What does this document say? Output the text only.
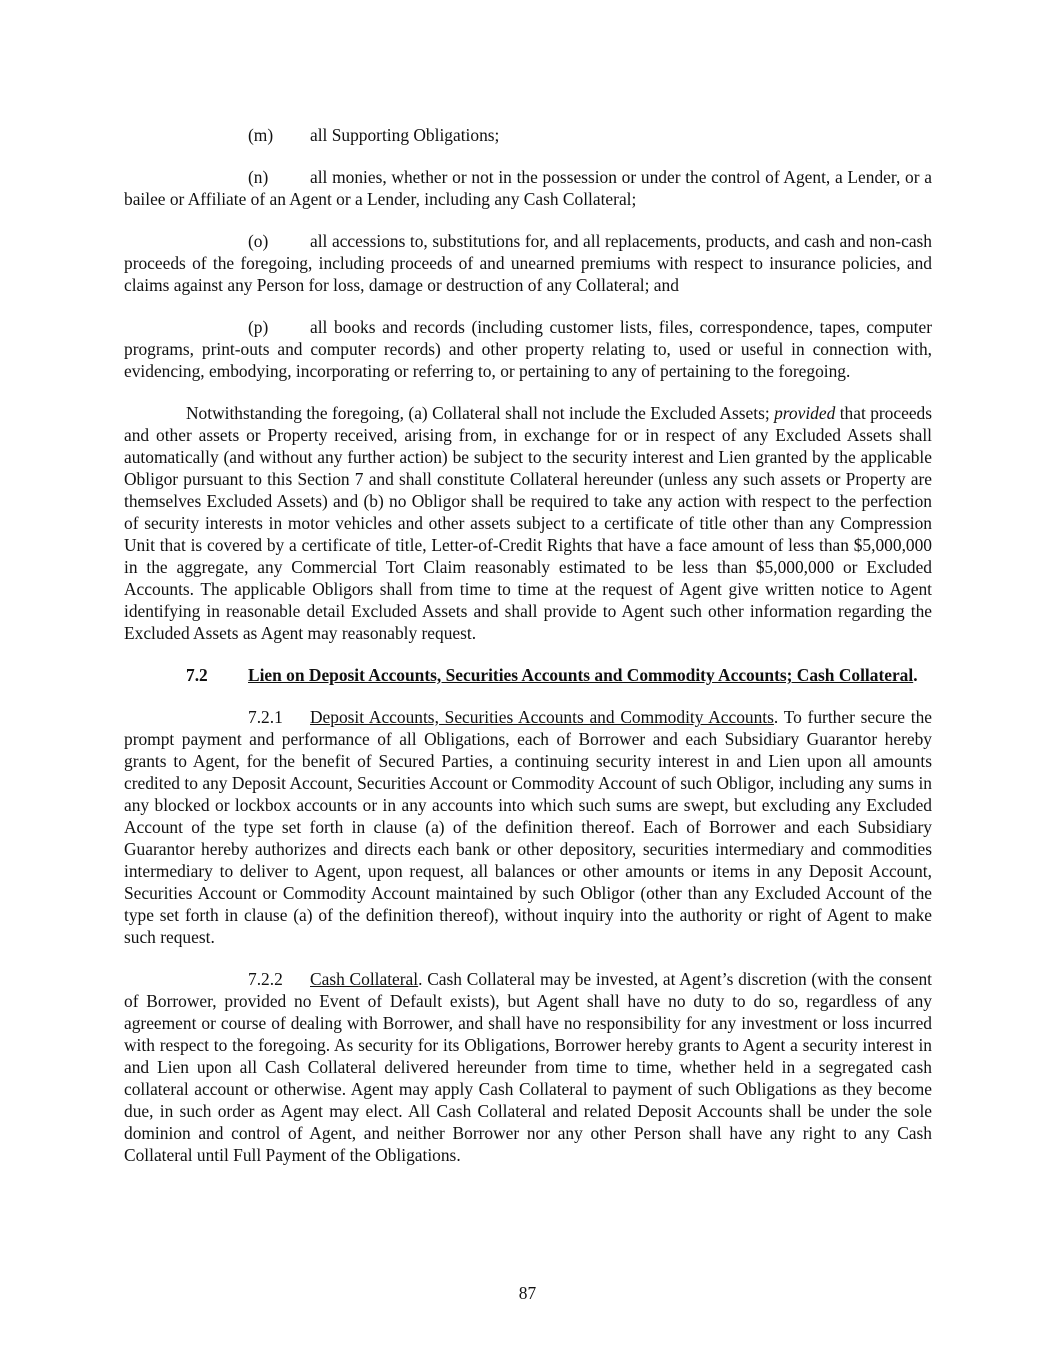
(m) all Supporting Obligations;

(n) all monies, whether or not in the possession or under the control of Agent, a Lender, or a bailee or Affiliate of an Agent or a Lender, including any Cash Collateral;

(o) all accessions to, substitutions for, and all replacements, products, and cash and non-cash proceeds of the foregoing, including proceeds of and unearned premiums with respect to insurance policies, and claims against any Person for loss, damage or destruction of any Collateral; and

(p) all books and records (including customer lists, files, correspondence, tapes, computer programs, print-outs and computer records) and other property relating to, used or useful in connection with, evidencing, embodying, incorporating or referring to, or pertaining to any of pertaining to the foregoing.

Notwithstanding the foregoing, (a) Collateral shall not include the Excluded Assets; provided that proceeds and other assets or Property received, arising from, in exchange for or in respect of any Excluded Assets shall automatically (and without any further action) be subject to the security interest and Lien granted by the applicable Obligor pursuant to this Section 7 and shall constitute Collateral hereunder (unless any such assets or Property are themselves Excluded Assets) and (b) no Obligor shall be required to take any action with respect to the perfection of security interests in motor vehicles and other assets subject to a certificate of title other than any Compression Unit that is covered by a certificate of title, Letter-of-Credit Rights that have a face amount of less than $5,000,000 in the aggregate, any Commercial Tort Claim reasonably estimated to be less than $5,000,000 or Excluded Accounts. The applicable Obligors shall from time to time at the request of Agent give written notice to Agent identifying in reasonable detail Excluded Assets and shall provide to Agent such other information regarding the Excluded Assets as Agent may reasonably request.

7.2 Lien on Deposit Accounts, Securities Accounts and Commodity Accounts; Cash Collateral.

7.2.1 Deposit Accounts, Securities Accounts and Commodity Accounts. To further secure the prompt payment and performance of all Obligations, each of Borrower and each Subsidiary Guarantor hereby grants to Agent, for the benefit of Secured Parties, a continuing security interest in and Lien upon all amounts credited to any Deposit Account, Securities Account or Commodity Account of such Obligor, including any sums in any blocked or lockbox accounts or in any accounts into which such sums are swept, but excluding any Excluded Account of the type set forth in clause (a) of the definition thereof. Each of Borrower and each Subsidiary Guarantor hereby authorizes and directs each bank or other depository, securities intermediary and commodities intermediary to deliver to Agent, upon request, all balances or other amounts or items in any Deposit Account, Securities Account or Commodity Account maintained by such Obligor (other than any Excluded Account of the type set forth in clause (a) of the definition thereof), without inquiry into the authority or right of Agent to make such request.

7.2.2 Cash Collateral. Cash Collateral may be invested, at Agent’s discretion (with the consent of Borrower, provided no Event of Default exists), but Agent shall have no duty to do so, regardless of any agreement or course of dealing with Borrower, and shall have no responsibility for any investment or loss incurred with respect to the foregoing. As security for its Obligations, Borrower hereby grants to Agent a security interest in and Lien upon all Cash Collateral delivered hereunder from time to time, whether held in a segregated cash collateral account or otherwise. Agent may apply Cash Collateral to payment of such Obligations as they become due, in such order as Agent may elect. All Cash Collateral and related Deposit Accounts shall be under the sole dominion and control of Agent, and neither Borrower nor any other Person shall have any right to any Cash Collateral until Full Payment of the Obligations.

87
